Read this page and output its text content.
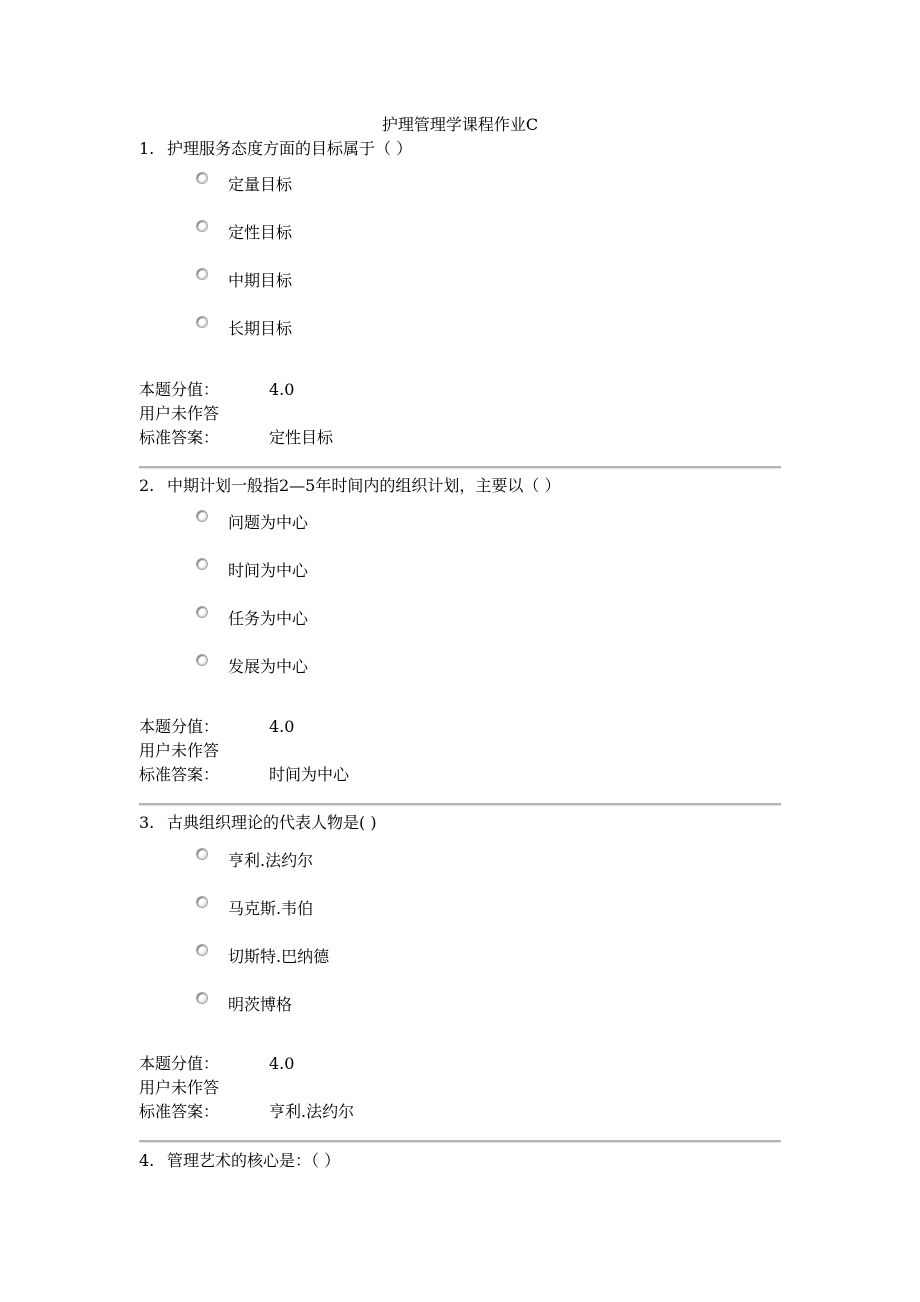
护理管理学课程作业C
1. 护理服务态度方面的目标属于（ ）
定量目标
定性目标
中期目标
长期目标
本题分值：	4.0
用户未作答
标准答案：	定性目标
2. 中期计划一般指2—5年时间内的组织计划，主要以（ ）
问题为中心
时间为中心
任务为中心
发展为中心
本题分值：	4.0
用户未作答
标准答案：	时间为中心
3. 古典组织理论的代表人物是( )
亨利.法约尔
马克斯.韦伯
切斯特.巴纳德
明茨博格
本题分值：	4.0
用户未作答
标准答案：	亨利.法约尔
4. 管理艺术的核心是：（ ）
